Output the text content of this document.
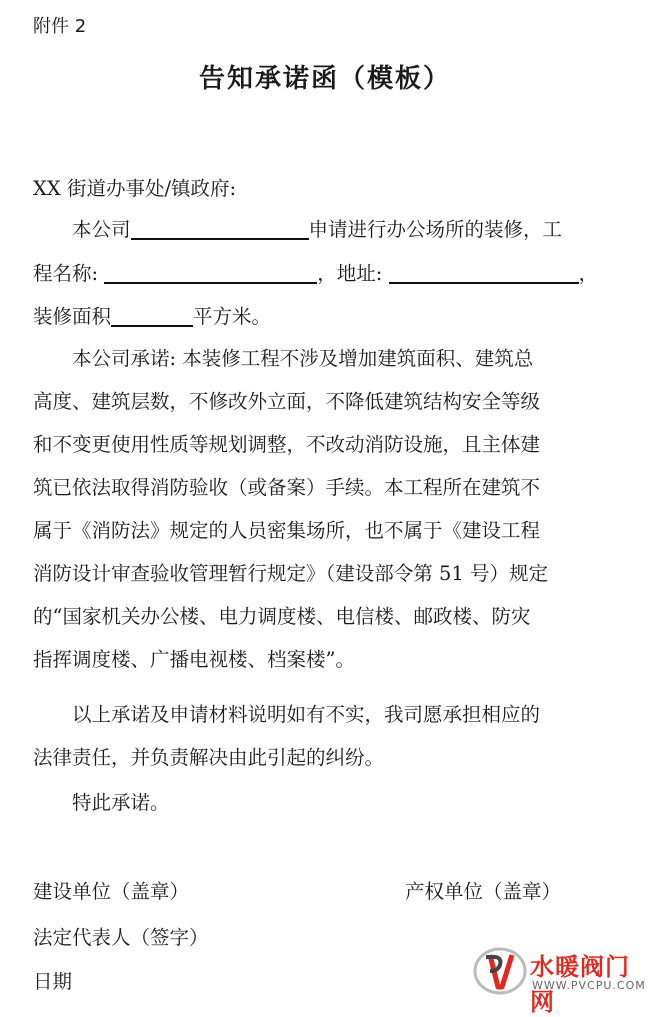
附件 2
告知承诺函（模板）
XX 街道办事处/镇政府:
本公司	申请进行办公场所的装修，工
程名称:	，地址:	，
装修面积	平方米。
本公司承诺: 本装修工程不涉及增加建筑面积、建筑总
高度、建筑层数，不修改外立面，不降低建筑结构安全等级
和不变更使用性质等规划调整，不改动消防设施，且主体建
筑已依法取得消防验收（或备案）手续。本工程所在建筑不
属于《消防法》规定的人员密集场所，也不属于《建设工程
消防设计审查验收管理暂行规定》（建设部令第 51 号）规定
的“国家机关办公楼、电力调度楼、电信楼、邮政楼、防灾
指挥调度楼、广播电视楼、档案楼”。
以上承诺及申请材料说明如有不实，我司愿承担相应的
法律责任，并负责解决由此引起的纠纷。
特此承诺。
建设单位（盖章）	产权单位（盖章）
法定代表人（签字）
日期
水暖阀门网
WWW.PVCPU.COM
